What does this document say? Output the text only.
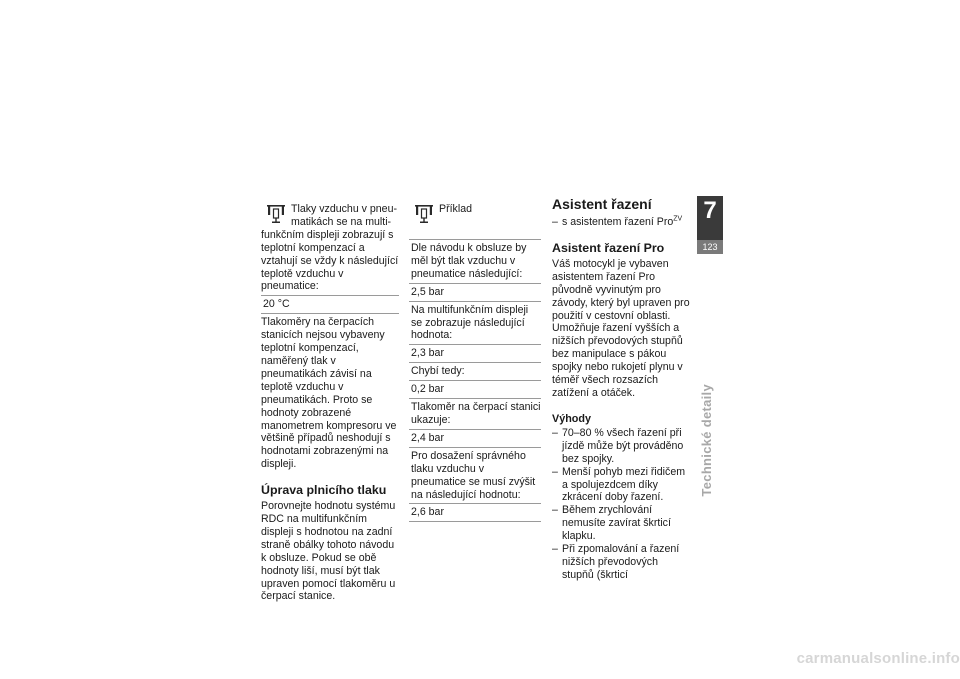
Tlaky vzduchu v pneu-
matikách se na multi-
funkčním displeji zobrazují s teplotní kompenzací a vztahují se vždy k následující teplotě vzduchu v pneumatice:
20 °C

Tlakoměry na čerpacích stanicích nejsou vybaveny teplotní kompenzací, naměřený tlak v pneumatikách závisí na teplotě vzduchu v pneumatikách. Proto se hodnoty zobrazené manometrem kompresoru ve většině případů neshodují s hodnotami zobrazenými na displeji.

Úprava plnicího tlaku

Porovnejte hodnotu systému RDC na multifunkčním displeji s hodnotou na zadní straně obálky tohoto návodu k obsluze. Pokud se obě hodnoty liší, musí být tlak upraven pomocí tlakoměru u čerpací stanice.

Příklad
Dle návodu k obsluze by měl být tlak vzduchu v pneumatice následující:
2,5 bar
Na multifunkčním displeji se zobrazuje následující hodnota:
2,3 bar
Chybí tedy:
0,2 bar
Tlakoměr na čerpací stanici ukazuje:
2,4 bar
Pro dosažení správného tlaku vzduchu v pneumatice se musí zvýšit na následující hodnotu:
2,6 bar
Asistent řazení
– s asistentem řazení Pro$^{ZV}$
Asistent řazení Pro

Váš motocykl je vybaven asistentem řazení Pro původně vyvinutým pro závody, který byl upraven pro použití v cestovní oblasti. Umožňuje řazení vyšších a nižších převodových stupňů bez manipulace s pákou spojky nebo rukojetí plynu v téměř všech rozsazích zatížení a otáček.

Výhody
– 70–80 % všech řazení při jízdě může být prováděno bez spojky.
– Menší pohyb mezi řidičem a spolujezdcem díky zkrácení doby řazení.
– Během zrychlování nemusíte zavírat škrticí klapku.
– Při zpomalování a řazení nižších převodových stupňů (škrticí
7
123
Technické detaily
carmanualsonline.info
